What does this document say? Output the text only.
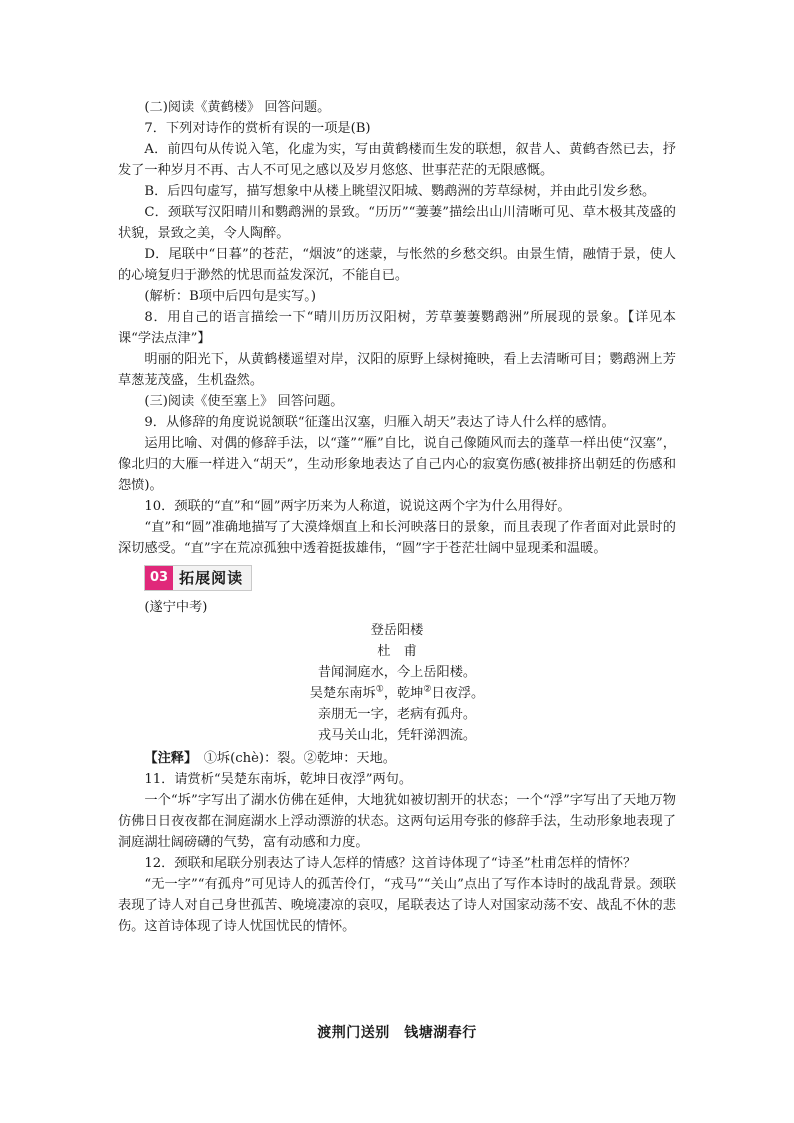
(二)阅读《黄鹤楼》 回答问题。

7．下列对诗作的赏析有误的一项是(B)

A．前四句从传说入笔，化虚为实，写由黄鹤楼而生发的联想，叙昔人、黄鹤杳然已去，抒发了一种岁月不再、古人不可见之感以及岁月悠悠、世事茫茫的无限感慨。

B．后四句虚写，描写想象中从楼上眺望汉阳城、鹦鹉洲的芳草绿树，并由此引发乡愁。

C．颈联写汉阳晴川和鹦鹉洲的景致。“历历”“萋萋”描绘出山川清晰可见、草木极其茂盛的状貌，景致之美，令人陶醉。

D．尾联中“日暮”的苍茫，“烟波”的迷蒙，与怅然的乡愁交织。由景生情，融情于景，使人的心境复归于渺然的忧思而益发深沉，不能自已。

(解析：B项中后四句是实写。)

8．用自己的语言描绘一下“晴川历历汉阳树，芳草萋萋鹦鹉洲”所展现的景象。【详见本课“学法点津”】

明丽的阳光下，从黄鹤楼遥望对岸，汉阳的原野上绿树掩映，看上去清晰可目；鹦鹉洲上芳草葱茏茂盛，生机盎然。

(三)阅读《使至塞上》 回答问题。

9．从修辞的角度说说颔联“征蓬出汉塞，归雁入胡天”表达了诗人什么样的感情。

运用比喻、对偶的修辞手法，以“蓬”“雁”自比，说自己像随风而去的蓬草一样出使“汉塞”，像北归的大雁一样进入“胡天”，生动形象地表达了自己内心的寂寞伤感(被排挤出朝廷的伤感和怨愤)。

10．颈联的“直”和“圆”两字历来为人称道，说说这两个字为什么用得好。

“直”和“圆”准确地描写了大漠烽烟直上和长河映落日的景象，而且表现了作者面对此景时的深切感受。“直”字在荒凉孤独中透着挺拔雄伟，“圆”字于苍茫壮阔中显现柔和温暖。

03 拓展阅读

(遂宁中考)

登岳阳楼
杜　甫
昔闻洞庭水，今上岳阳楼。
吴楚东南坼①，乾坤②日夜浮。
亲朋无一字，老病有孤舟。
戎马关山北，凭轩涕泗流。

【注释】　①坼(chè)：裂。②乾坤：天地。

11．请赏析“吴楚东南坼，乾坤日夜浮”两句。

一个“坼”字写出了湖水仿佛在延伸，大地犹如被切割开的状态；一个“浮”字写出了天地万物仿佛日日夜夜都在洞庭湖水上浮动漂游的状态。这两句运用夸张的修辞手法，生动形象地表现了洞庭湖壮阔磅礴的气势，富有动感和力度。

12．颈联和尾联分别表达了诗人怎样的情感？这首诗体现了“诗圣”杜甫怎样的情怀？

“无一字”“有孤舟”可见诗人的孤苦伶仃，“戎马”“关山”点出了写作本诗时的战乱背景。颈联表现了诗人对自己身世孤苦、晚境凄凉的哀叹，尾联表达了诗人对国家动荡不安、战乱不休的悲伤。这首诗体现了诗人忧国忧民的情怀。

渡荆门送别　钱塘湖春行
